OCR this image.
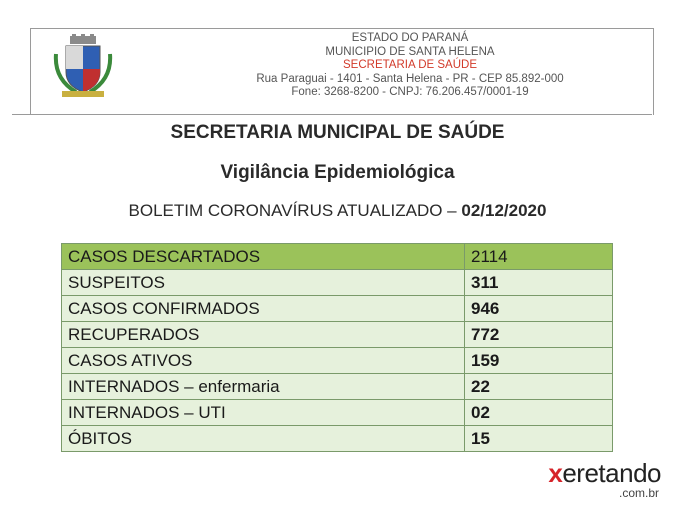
ESTADO DO PARANÁ
MUNICIPIO DE SANTA HELENA
SECRETARIA DE SAÚDE
Rua Paraguai - 1401 - Santa Helena - PR - CEP 85.892-000
Fone: 3268-8200 - CNPJ: 76.206.457/0001-19
SECRETARIA MUNICIPAL DE SAÚDE
Vigilância Epidemiológica
BOLETIM CORONAVÍRUS ATUALIZADO – 02/12/2020
CASOS DESCARTADOS	2114
SUSPEITOS	311
CASOS CONFIRMADOS	946
RECUPERADOS	772
CASOS ATIVOS	159
INTERNADOS – enfermaria	22
INTERNADOS – UTI	02
ÓBITOS	15
xeretando
.com.br
